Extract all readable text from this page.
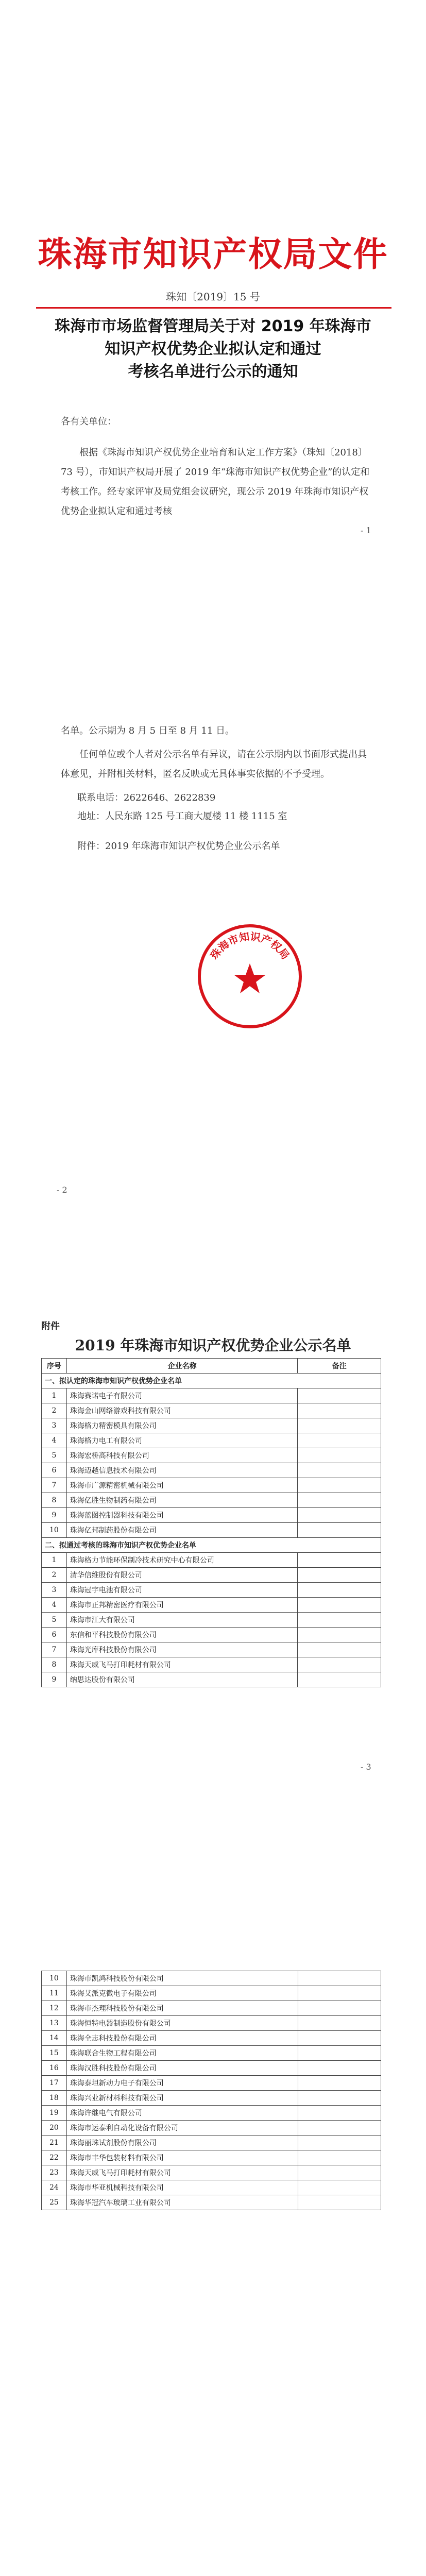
珠海市知识产权局文件
珠知〔2019〕15 号
珠海市市场监督管理局关于对 2019 年珠海市
知识产权优势企业拟认定和通过
考核名单进行公示的通知
各有关单位：
根据《珠海市知识产权优势企业培育和认定工作方案》（珠知〔2018〕73 号），市知识产权局开展了 2019 年“珠海市知识产权优势企业”的认定和考核工作。经专家评审及局党组会议研究，现公示 2019 年珠海市知识产权优势企业拟认定和通过考核
- 1
名单。公示期为 8 月 5 日至 8 月 11 日。
任何单位或个人者对公示名单有异议，请在公示期内以书面形式提出具体意见，并附相关材料，匿名反映或无具体事实依据的不予受理。
联系电话：2622646、2622839
地址：人民东路 125 号工商大厦楼 11 楼 1115 室
附件：2019 年珠海市知识产权优势企业公示名单
珠海市知识产权局
- 2
附件
2019 年珠海市知识产权优势企业公示名单
序号	企业名称	备注
一、拟认定的珠海市知识产权优势企业名单		
1	珠海赛诺电子有限公司	
2	珠海金山网络游戏科技有限公司	
3	珠海格力精密模具有限公司	
4	珠海格力电工有限公司	
5	珠海宏桥高科技有限公司	
6	珠海迈越信息技术有限公司	
7	珠海市广源精密机械有限公司	
8	珠海亿胜生物制药有限公司	
9	珠海蓝图控制器科技有限公司	
10	珠海亿邦制药股份有限公司	
二、拟通过考核的珠海市知识产权优势企业名单		
1	珠海格力节能环保制冷技术研究中心有限公司	
2	清华信维股份有限公司	
3	珠海冠宇电池有限公司	
4	珠海市正邦精密医疗有限公司	
5	珠海市江大有限公司	
6	东信和平科技股份有限公司	
7	珠海光库科技股份有限公司	
8	珠海天威飞马打印耗材有限公司	
9	纳思达股份有限公司	
- 3
10	珠海市凯鸿科技股份有限公司	
11	珠海艾派克微电子有限公司	
12	珠海市杰理科技股份有限公司	
13	珠海恒特电器制造股份有限公司	
14	珠海全志科技股份有限公司	
15	珠海联合生物工程有限公司	
16	珠海汉胜科技股份有限公司	
17	珠海泰坦新动力电子有限公司	
18	珠海兴业新材料科技有限公司	
19	珠海许继电气有限公司	
20	珠海市运泰利自动化设备有限公司	
21	珠海丽珠试剂股份有限公司	
22	珠海市丰华包装材料有限公司	
23	珠海天威飞马打印耗材有限公司	
24	珠海市华亚机械科技有限公司	
25	珠海华冠汽车玻璃工业有限公司	
